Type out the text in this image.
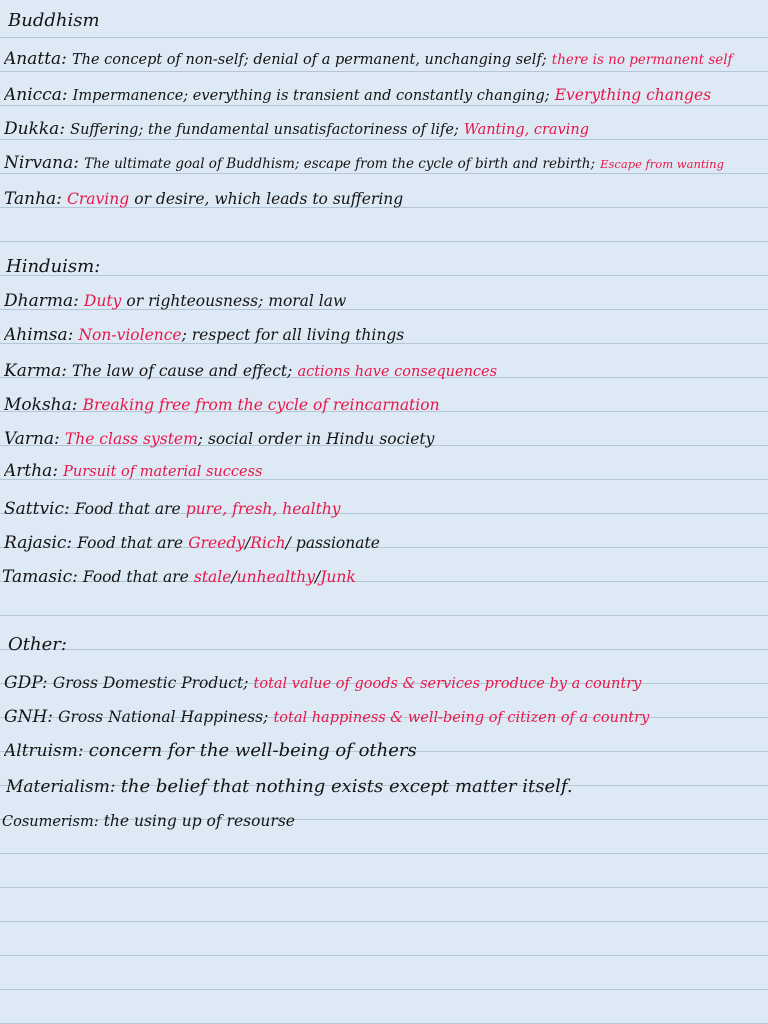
Buddhism
Anatta: The concept of non-self; denial of a permanent, unchanging self; there is no permanent self
Anicca: Impermanence; everything is transient and constantly changing; Everything changes
Dukka: Suffering; the fundamental unsatisfactoriness of life; Wanting, craving
Nirvana: The ultimate goal of Buddhism; escape from the cycle of birth and rebirth; Escape from wanting
Tanha: Craving or desire, which leads to suffering
Hinduism:
Dharma: Duty or righteousness; moral law
Ahimsa: Non-violence; respect for all living things
Karma: The law of cause and effect; actions have consequences
Moksha: Breaking free from the cycle of reincarnation
Varna: The class system; social order in Hindu society
Artha: Pursuit of material success
Sattvic: Food that are pure, fresh, healthy
Rajasic: Food that are Greedy/Rich/ passionate
Tamasic: Food that are stale/unhealthy/Junk
Other:
GDP: Gross Domestic Product; total value of goods & services produce by a country
GNH: Gross National Happiness; total happiness & well-being of citizen of a country
Altruism: concern for the well-being of others
Materialism: the belief that nothing exists except matter itself.
Cosumerism: the using up of resourse
